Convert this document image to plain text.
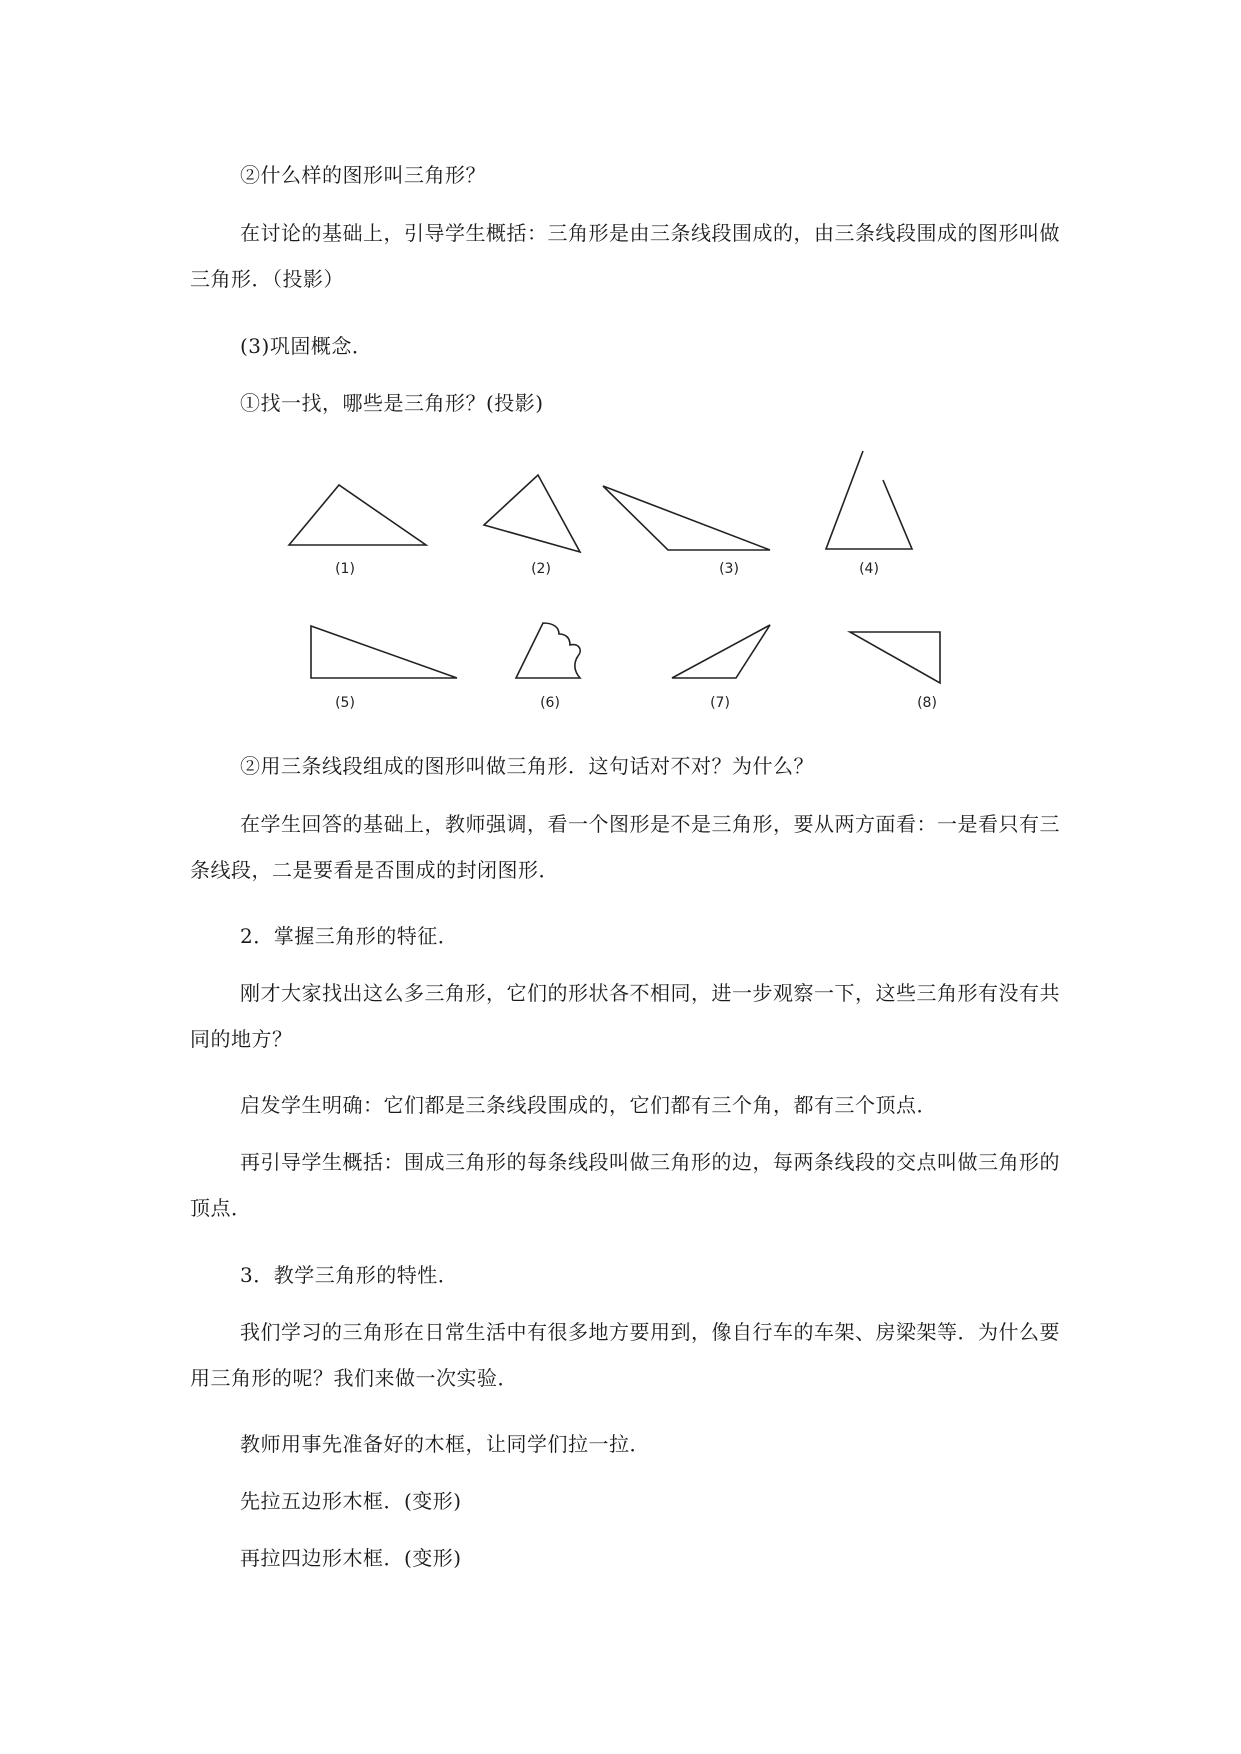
②什么样的图形叫三角形？

在讨论的基础上，引导学生概括：三角形是由三条线段围成的，由三条线段围成的图形叫做三角形．（投影）

(3)巩固概念．

①找一找，哪些是三角形？(投影)

(1)	(2)	(3)	(4)
(5)	(6)	(7)	(8)

②用三条线段组成的图形叫做三角形．这句话对不对？为什么？

在学生回答的基础上，教师强调，看一个图形是不是三角形，要从两方面看：一是看只有三条线段，二是要看是否围成的封闭图形．

2．掌握三角形的特征．

刚才大家找出这么多三角形，它们的形状各不相同，进一步观察一下，这些三角形有没有共同的地方？

启发学生明确：它们都是三条线段围成的，它们都有三个角，都有三个顶点．

再引导学生概括：围成三角形的每条线段叫做三角形的边，每两条线段的交点叫做三角形的顶点．

3．教学三角形的特性．

我们学习的三角形在日常生活中有很多地方要用到，像自行车的车架、房梁架等．为什么要用三角形的呢？我们来做一次实验．

教师用事先准备好的木框，让同学们拉一拉．

先拉五边形木框．(变形)

再拉四边形木框．(变形)
